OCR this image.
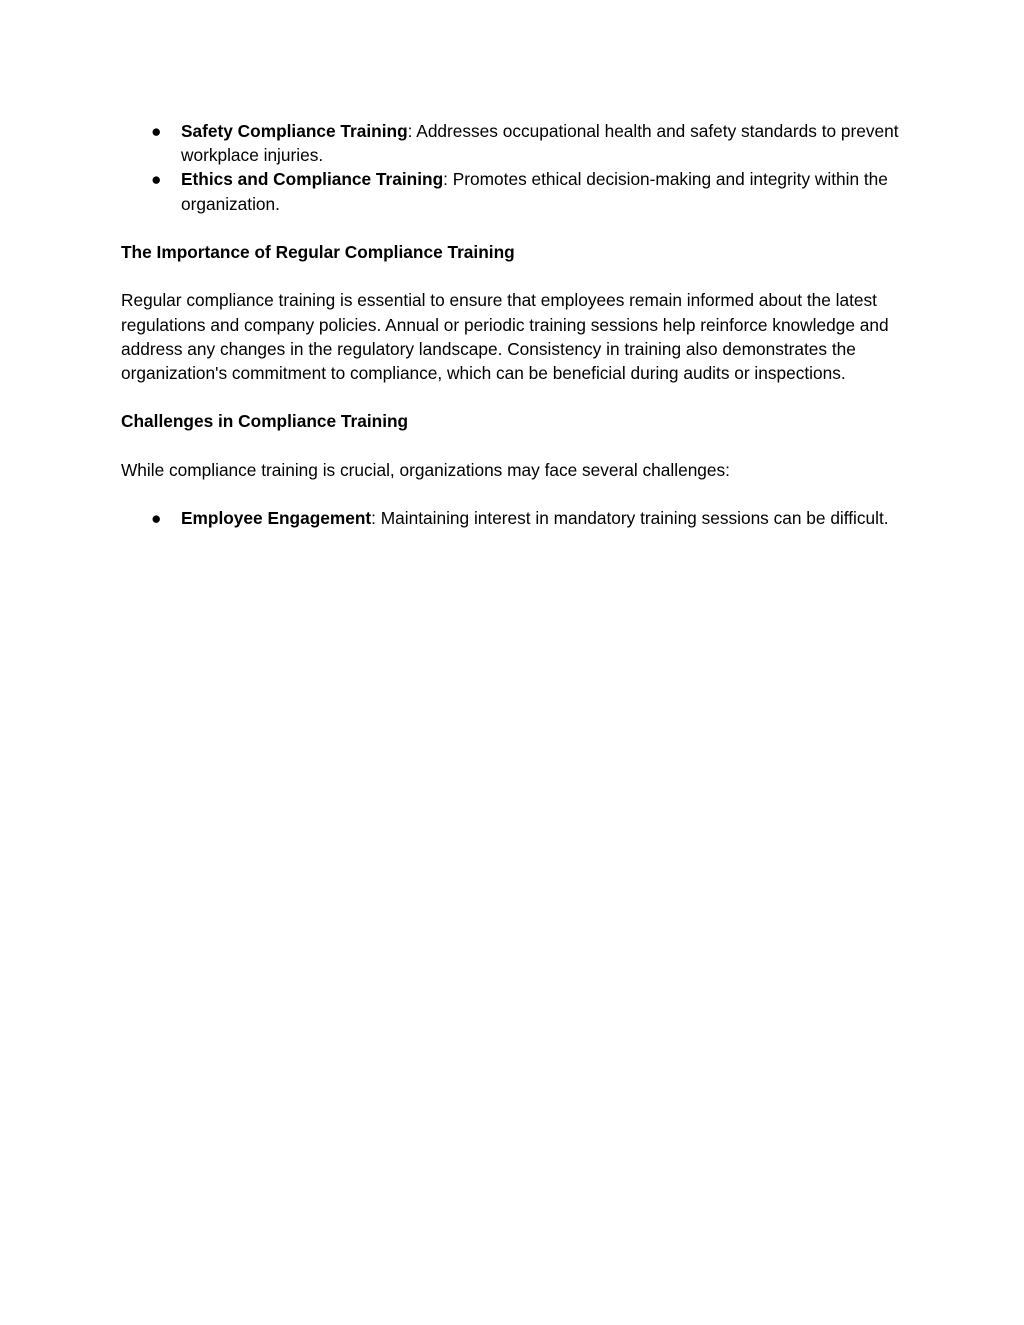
● Safety Compliance Training: Addresses occupational health and safety standards to prevent workplace injuries.
● Ethics and Compliance Training: Promotes ethical decision-making and integrity within the organization.

The Importance of Regular Compliance Training

Regular compliance training is essential to ensure that employees remain informed about the latest regulations and company policies. Annual or periodic training sessions help reinforce knowledge and address any changes in the regulatory landscape. Consistency in training also demonstrates the organization's commitment to compliance, which can be beneficial during audits or inspections.

Challenges in Compliance Training

While compliance training is crucial, organizations may face several challenges:

● Employee Engagement: Maintaining interest in mandatory training sessions can be difficult.
